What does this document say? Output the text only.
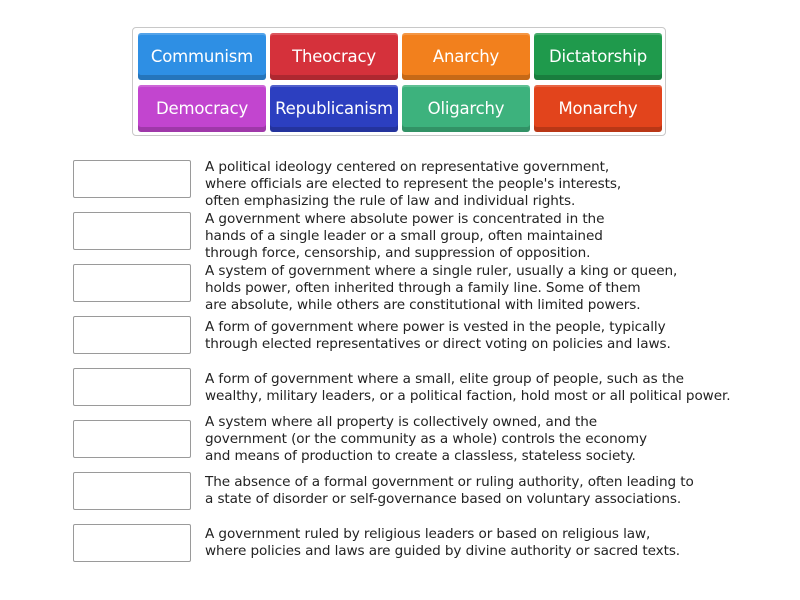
Communism	Theocracy	Anarchy	Dictatorship
Democracy	Republicanism	Oligarchy	Monarchy
A political ideology centered on representative government,
where officials are elected to represent the people's interests,
often emphasizing the rule of law and individual rights.
A government where absolute power is concentrated in the
hands of a single leader or a small group, often maintained
through force, censorship, and suppression of opposition.
A system of government where a single ruler, usually a king or queen,
holds power, often inherited through a family line. Some of them
are absolute, while others are constitutional with limited powers.
A form of government where power is vested in the people, typically
through elected representatives or direct voting on policies and laws.
A form of government where a small, elite group of people, such as the
wealthy, military leaders, or a political faction, hold most or all political power.
A system where all property is collectively owned, and the
government (or the community as a whole) controls the economy
and means of production to create a classless, stateless society.
The absence of a formal government or ruling authority, often leading to
a state of disorder or self-governance based on voluntary associations.
A government ruled by religious leaders or based on religious law,
where policies and laws are guided by divine authority or sacred texts.
